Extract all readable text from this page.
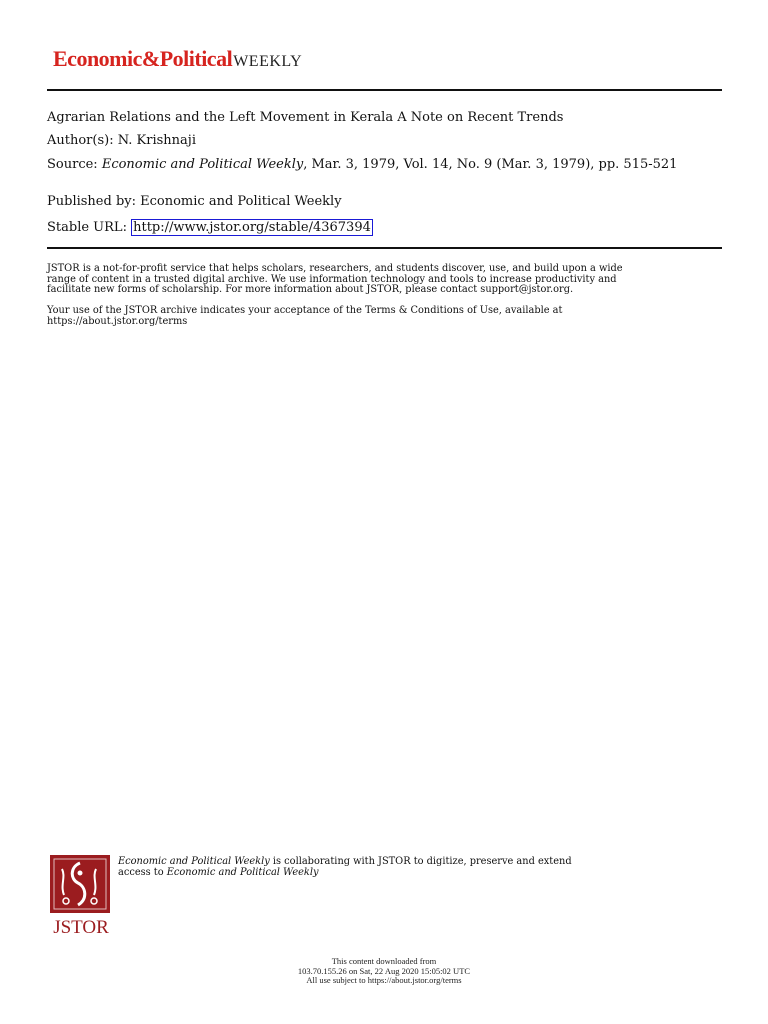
Economic&PoliticalWEEKLY
Agrarian Relations and the Left Movement in Kerala A Note on Recent Trends
Author(s): N. Krishnaji
Source: Economic and Political Weekly, Mar. 3, 1979, Vol. 14, No. 9 (Mar. 3, 1979), pp. 515-521
Published by: Economic and Political Weekly
Stable URL: http://www.jstor.org/stable/4367394
JSTOR is a not-for-profit service that helps scholars, researchers, and students discover, use, and build upon a wide
range of content in a trusted digital archive. We use information technology and tools to increase productivity and
facilitate new forms of scholarship. For more information about JSTOR, please contact support@jstor.org.
Your use of the JSTOR archive indicates your acceptance of the Terms & Conditions of Use, available at
https://about.jstor.org/terms
JSTOR
Economic and Political Weekly is collaborating with JSTOR to digitize, preserve and extend
access to Economic and Political Weekly
This content downloaded from
103.70.155.26 on Sat, 22 Aug 2020 15:05:02 UTC
All use subject to https://about.jstor.org/terms
